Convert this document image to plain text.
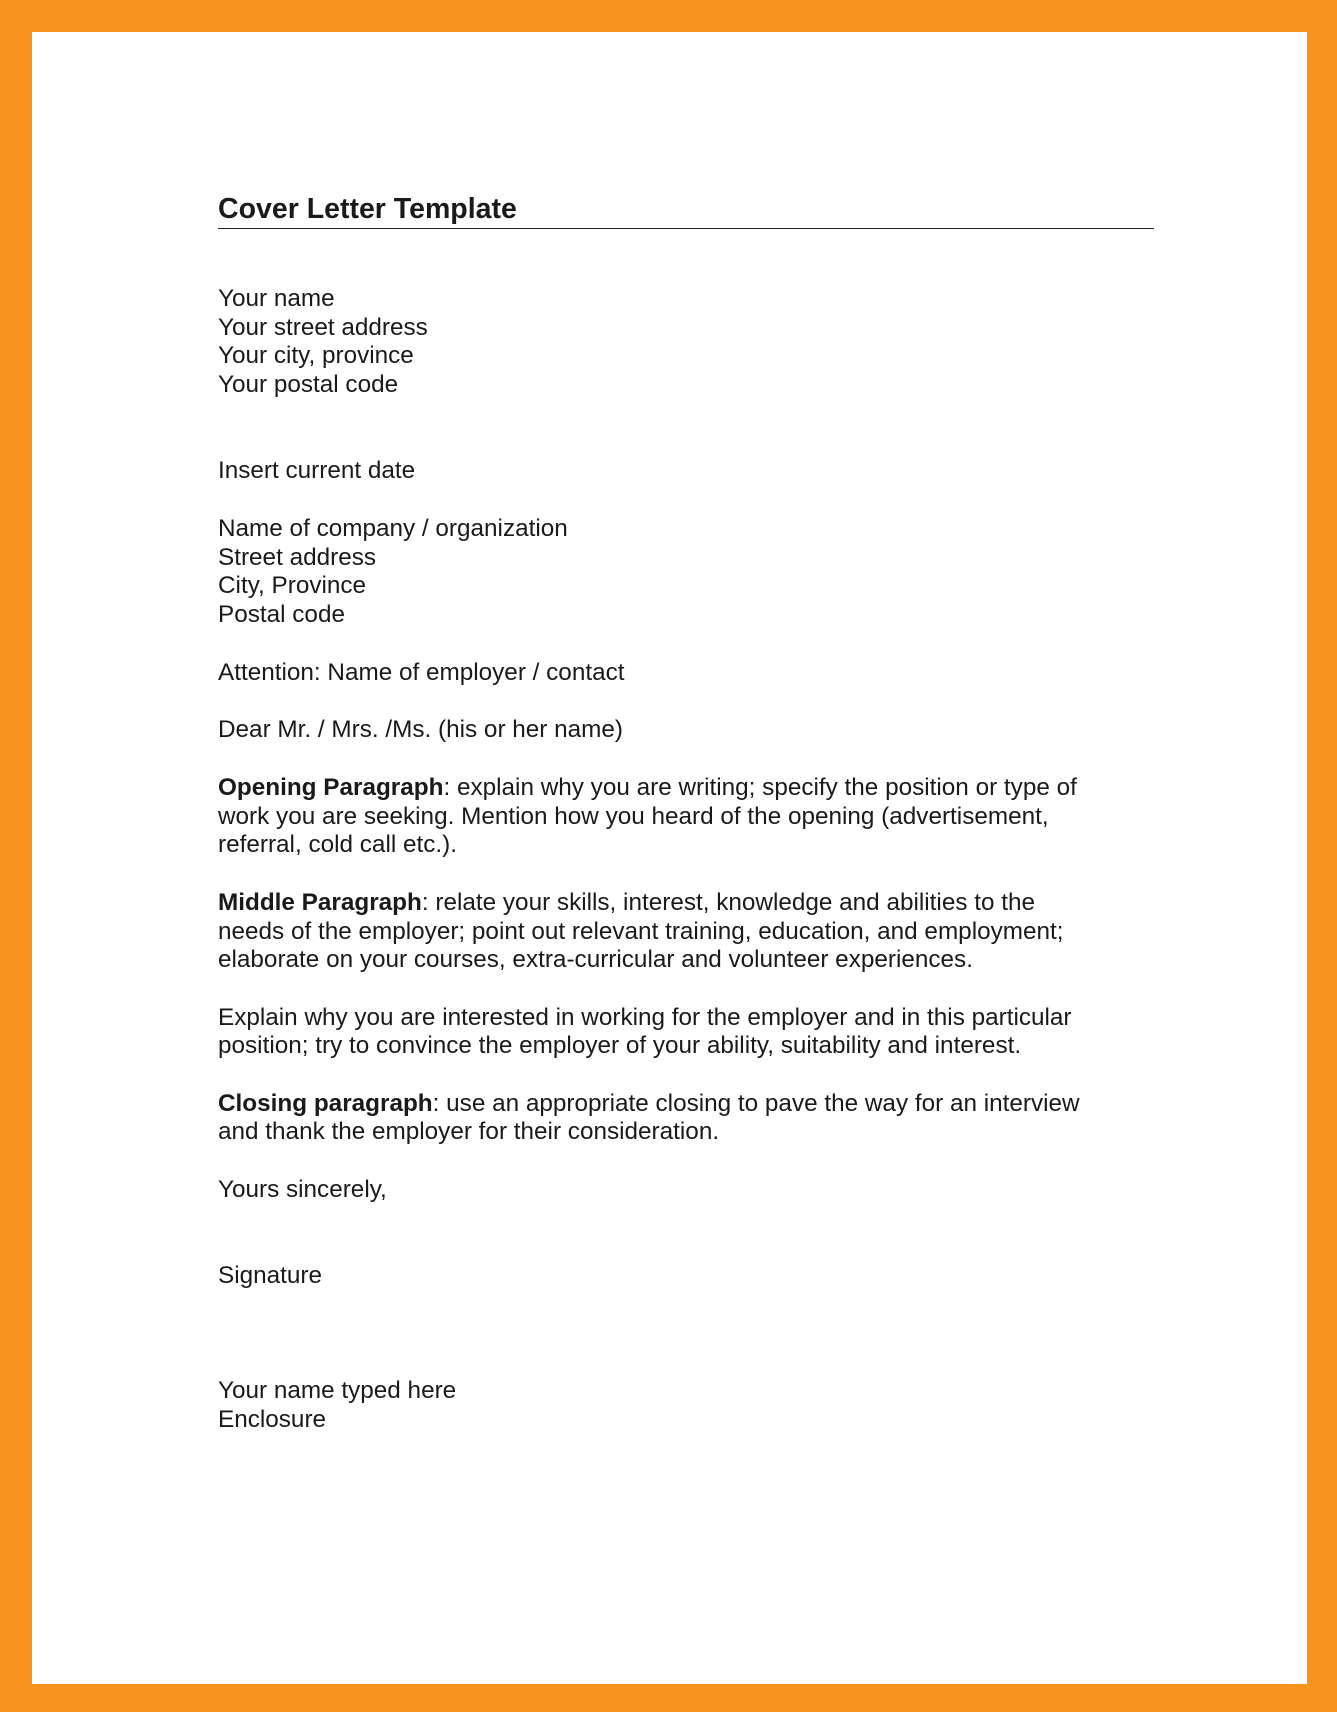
Cover Letter Template
Your name
Your street address
Your city, province
Your postal code
Insert current date
Name of company / organization
Street address
City, Province
Postal code
Attention: Name of employer / contact
Dear Mr. / Mrs. /Ms. (his or her name)
Opening Paragraph: explain why you are writing; specify the position or type of
work you are seeking. Mention how you heard of the opening (advertisement,
referral, cold call etc.).
Middle Paragraph: relate your skills, interest, knowledge and abilities to the
needs of the employer; point out relevant training, education, and employment;
elaborate on your courses, extra-curricular and volunteer experiences.
Explain why you are interested in working for the employer and in this particular
position; try to convince the employer of your ability, suitability and interest.
Closing paragraph: use an appropriate closing to pave the way for an interview
and thank the employer for their consideration.
Yours sincerely,
Signature
Your name typed here
Enclosure
